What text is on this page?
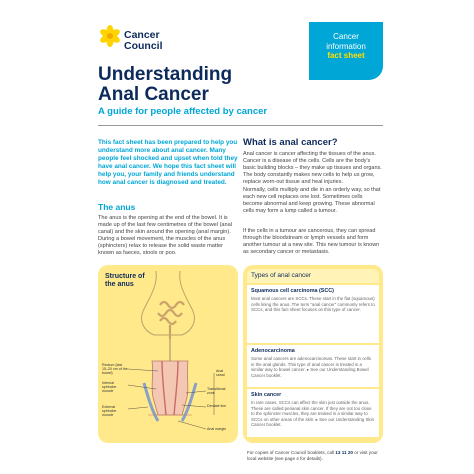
Cancer
Council
Cancer
information
fact sheet
Understanding
Anal Cancer
A guide for people affected by cancer
This fact sheet has been prepared to help you understand more about anal cancer. Many people feel shocked and upset when told they have anal cancer. We hope this fact sheet will help you, your family and friends understand how anal cancer is diagnosed and treated.
The anus
The anus is the opening at the end of the bowel. It is made up of the last few centimetres of the bowel (anal canal) and the skin around the opening (anal margin). During a bowel movement, the muscles of the anus (sphincters) relax to release the solid waste matter known as faeces, stools or poo.
What is anal cancer?
Anal cancer is cancer affecting the tissues of the anus. Cancer is a disease of the cells. Cells are the body's basic building blocks – they make up tissues and organs. The body constantly makes new cells to help us grow, replace worn-out tissue and heal injuries.
Normally, cells multiply and die in an orderly way, so that each new cell replaces one lost. Sometimes cells become abnormal and keep growing. These abnormal cells may form a lump called a tumour.
If the cells in a tumour are cancerous, they can spread through the bloodstream or lymph vessels and form another tumour at a new site. This new tumour is known as secondary cancer or metastasis.
Structure of
the anus
Rectum (last 15–20 cm of the bowel)
Internal sphincter muscle
External sphincter muscle
Transitional zone
Dentate line
Anal margin
Anal canal
Types of anal cancer
Squamous cell carcinoma (SCC)
Most anal cancers are SCCs. These start in the flat (squamous) cells lining the anus. The term "anal cancer" commonly refers to SCCs, and this fact sheet focuses on this type of cancer.
Adenocarcinoma
Some anal cancers are adenocarcinomas. These start in cells in the anal glands. This type of anal cancer is treated in a similar way to bowel cancer. ▸ See our Understanding Bowel Cancer booklet.
Skin cancer
In rare cases, SCCs can affect the skin just outside the anus. These are called perianal skin cancer. If they are not too close to the sphincter muscles, they are treated in a similar way to SCCs on other areas of the skin. ▸ See our Understanding Skin Cancer booklet.
For copies of Cancer Council booklets, call 13 11 20 or visit your local website (see page 4 for details).
